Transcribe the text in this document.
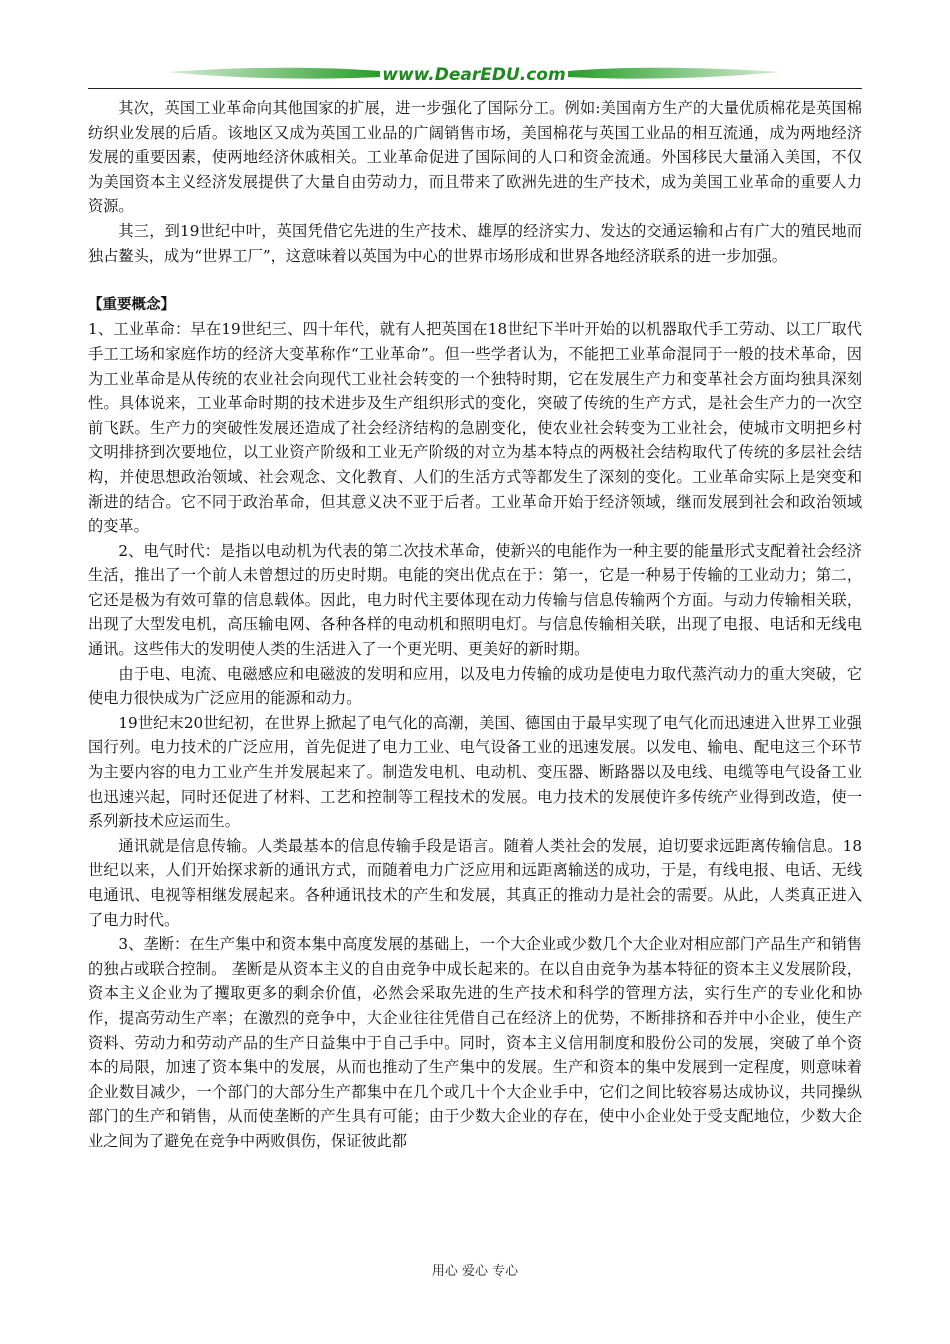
www.DearEDU.com

其次，英国工业革命向其他国家的扩展，进一步强化了国际分工。例如:美国南方生产的大量优质棉花是英国棉纺织业发展的后盾。该地区又成为英国工业品的广阔销售市场，美国棉花与英国工业品的相互流通，成为两地经济发展的重要因素，使两地经济休戚相关。工业革命促进了国际间的人口和资金流通。外国移民大量涌入美国，不仅为美国资本主义经济发展提供了大量自由劳动力，而且带来了欧洲先进的生产技术，成为美国工业革命的重要人力资源。

其三，到19世纪中叶，英国凭借它先进的生产技术、雄厚的经济实力、发达的交通运输和占有广大的殖民地而独占鳌头，成为“世界工厂”，这意味着以英国为中心的世界市场形成和世界各地经济联系的进一步加强。

【重要概念】

1、工业革命：早在19世纪三、四十年代，就有人把英国在18世纪下半叶开始的以机器取代手工劳动、以工厂取代手工工场和家庭作坊的经济大变革称作“工业革命”。但一些学者认为，不能把工业革命混同于一般的技术革命，因为工业革命是从传统的农业社会向现代工业社会转变的一个独特时期，它在发展生产力和变革社会方面均独具深刻性。具体说来，工业革命时期的技术进步及生产组织形式的变化，突破了传统的生产方式，是社会生产力的一次空前飞跃。生产力的突破性发展还造成了社会经济结构的急剧变化，使农业社会转变为工业社会，使城市文明把乡村文明排挤到次要地位，以工业资产阶级和工业无产阶级的对立为基本特点的两极社会结构取代了传统的多层社会结构，并使思想政治领域、社会观念、文化教育、人们的生活方式等都发生了深刻的变化。工业革命实际上是突变和渐进的结合。它不同于政治革命，但其意义决不亚于后者。工业革命开始于经济领域，继而发展到社会和政治领域的变革。

2、电气时代：是指以电动机为代表的第二次技术革命，使新兴的电能作为一种主要的能量形式支配着社会经济生活，推出了一个前人未曾想过的历史时期。电能的突出优点在于：第一，它是一种易于传输的工业动力；第二，它还是极为有效可靠的信息载体。因此，电力时代主要体现在动力传输与信息传输两个方面。与动力传输相关联，出现了大型发电机，高压输电网、各种各样的电动机和照明电灯。与信息传输相关联，出现了电报、电话和无线电通讯。这些伟大的发明使人类的生活进入了一个更光明、更美好的新时期。

由于电、电流、电磁感应和电磁波的发明和应用，以及电力传输的成功是使电力取代蒸汽动力的重大突破，它使电力很快成为广泛应用的能源和动力。

19世纪末20世纪初，在世界上掀起了电气化的高潮，美国、德国由于最早实现了电气化而迅速进入世界工业强国行列。电力技术的广泛应用，首先促进了电力工业、电气设备工业的迅速发展。以发电、输电、配电这三个环节为主要内容的电力工业产生并发展起来了。制造发电机、电动机、变压器、断路器以及电线、电缆等电气设备工业也迅速兴起，同时还促进了材料、工艺和控制等工程技术的发展。电力技术的发展使许多传统产业得到改造，使一系列新技术应运而生。

通讯就是信息传输。人类最基本的信息传输手段是语言。随着人类社会的发展，迫切要求远距离传输信息。18世纪以来，人们开始探求新的通讯方式，而随着电力广泛应用和远距离输送的成功，于是，有线电报、电话、无线电通讯、电视等相继发展起来。各种通讯技术的产生和发展，其真正的推动力是社会的需要。从此，人类真正进入了电力时代。

3、垄断：在生产集中和资本集中高度发展的基础上，一个大企业或少数几个大企业对相应部门产品生产和销售的独占或联合控制。 垄断是从资本主义的自由竞争中成长起来的。在以自由竞争为基本特征的资本主义发展阶段，资本主义企业为了攫取更多的剩余价值，必然会采取先进的生产技术和科学的管理方法，实行生产的专业化和协作，提高劳动生产率；在激烈的竞争中，大企业往往凭借自己在经济上的优势，不断排挤和吞并中小企业，使生产资料、劳动力和劳动产品的生产日益集中于自己手中。同时，资本主义信用制度和股份公司的发展，突破了单个资本的局限，加速了资本集中的发展，从而也推动了生产集中的发展。生产和资本的集中发展到一定程度，则意味着企业数目减少，一个部门的大部分生产都集中在几个或几十个大企业手中，它们之间比较容易达成协议，共同操纵部门的生产和销售，从而使垄断的产生具有可能；由于少数大企业的存在，使中小企业处于受支配地位，少数大企业之间为了避免在竞争中两败俱伤，保证彼此都

用心 爱心 专心
